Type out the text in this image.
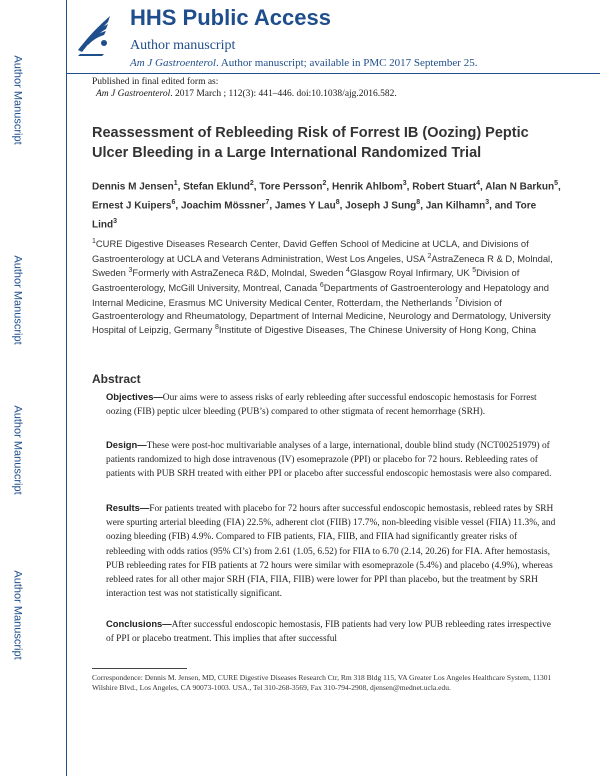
Author Manuscript
Author Manuscript
Author Manuscript
Author Manuscript
HHS Public Access
Author manuscript
Am J Gastroenterol. Author manuscript; available in PMC 2017 September 25.
Published in final edited form as:
Am J Gastroenterol. 2017 March ; 112(3): 441–446. doi:10.1038/ajg.2016.582.
Reassessment of Rebleeding Risk of Forrest IB (Oozing) Peptic Ulcer Bleeding in a Large International Randomized Trial
Dennis M Jensen$^1$, Stefan Eklund$^2$, Tore Persson$^2$, Henrik Ahlbom$^3$, Robert Stuart$^4$, Alan N Barkun$^5$, Ernest J Kuipers$^6$, Joachim Mössner$^7$, James Y Lau$^8$, Joseph J Sung$^8$, Jan Kilhamn$^3$, and Tore Lind$^3$
$^1$CURE Digestive Diseases Research Center, David Geffen School of Medicine at UCLA, and Divisions of Gastroenterology at UCLA and Veterans Administration, West Los Angeles, USA $^2$AstraZeneca R & D, Molndal, Sweden $^3$Formerly with AstraZeneca R&D, Molndal, Sweden $^4$Glasgow Royal Infirmary, UK $^5$Division of Gastroenterology, McGill University, Montreal, Canada $^6$Departments of Gastroenterology and Hepatology and Internal Medicine, Erasmus MC University Medical Center, Rotterdam, the Netherlands $^7$Division of Gastroenterology and Rheumatology, Department of Internal Medicine, Neurology and Dermatology, University Hospital of Leipzig, Germany $^8$Institute of Digestive Diseases, The Chinese University of Hong Kong, China
Abstract
Objectives—Our aims were to assess risks of early rebleeding after successful endoscopic hemostasis for Forrest oozing (FIB) peptic ulcer bleeding (PUB’s) compared to other stigmata of recent hemorrhage (SRH).
Design—These were post-hoc multivariable analyses of a large, international, double blind study (NCT00251979) of patients randomized to high dose intravenous (IV) esomeprazole (PPI) or placebo for 72 hours. Rebleeding rates of patients with PUB SRH treated with either PPI or placebo after successful endoscopic hemostasis were also compared.
Results—For patients treated with placebo for 72 hours after successful endoscopic hemostasis, rebleed rates by SRH were spurting arterial bleeding (FIA) 22.5%, adherent clot (FIIB) 17.7%, non-bleeding visible vessel (FIIA) 11.3%, and oozing bleeding (FIB) 4.9%. Compared to FIB patients, FIA, FIIB, and FIIA had significantly greater risks of rebleeding with odds ratios (95% CI’s) from 2.61 (1.05, 6.52) for FIIA to 6.70 (2.14, 20.26) for FIA. After hemostasis, PUB rebleeding rates for FIB patients at 72 hours were similar with esomeprazole (5.4%) and placebo (4.9%), whereas rebleed rates for all other major SRH (FIA, FIIA, FIIB) were lower for PPI than placebo, but the treatment by SRH interaction test was not statistically significant.
Conclusions—After successful endoscopic hemostasis, FIB patients had very low PUB rebleeding rates irrespective of PPI or placebo treatment. This implies that after successful
Correspondence: Dennis M. Jensen, MD, CURE Digestive Diseases Research Ctr, Rm 318 Bldg 115, VA Greater Los Angeles Healthcare System, 11301 Wilshire Blvd., Los Angeles, CA 90073-1003. USA., Tel 310-268-3569, Fax 310-794-2908, djensen@mednet.ucla.edu.
